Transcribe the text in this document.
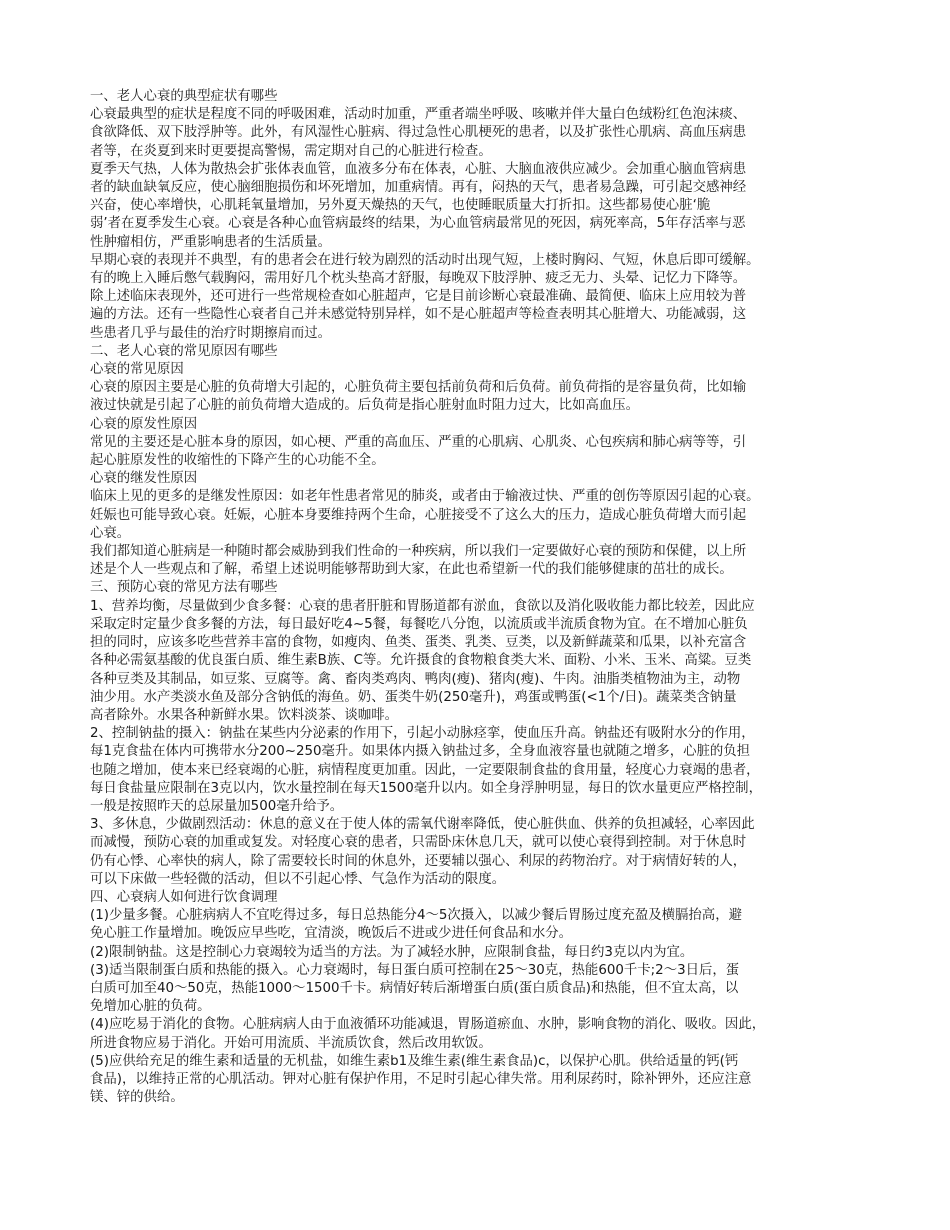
一、老人心衰的典型症状有哪些
心衰最典型的症状是程度不同的呼吸困难，活动时加重，严重者端坐呼吸、咳嗽并伴大量白色绒粉红色泡沫痰、
食欲降低、双下肢浮肿等。此外，有风湿性心脏病、得过急性心肌梗死的患者，以及扩张性心肌病、高血压病患
者等，在炎夏到来时更要提高警惕，需定期对自己的心脏进行检查。
夏季天气热，人体为散热会扩张体表血管，血液多分布在体表，心脏、大脑血液供应减少。会加重心脑血管病患
者的缺血缺氧反应，使心脑细胞损伤和坏死增加，加重病情。再有，闷热的天气，患者易急躁，可引起交感神经
兴奋，使心率增快，心肌耗氧量增加，另外夏天燥热的天气，也使睡眠质量大打折扣。这些都易使心脏‘脆
弱’者在夏季发生心衰。心衰是各种心血管病最终的结果，为心血管病最常见的死因，病死率高，5年存活率与恶
性肿瘤相仿，严重影响患者的生活质量。
早期心衰的表现并不典型，有的患者会在进行较为剧烈的活动时出现气短，上楼时胸闷、气短，休息后即可缓解。
有的晚上入睡后憋气载胸闷，需用好几个枕头垫高才舒服，每晚双下肢浮肿、疲乏无力、头晕、记忆力下降等。
除上述临床表现外，还可进行一些常规检查如心脏超声，它是目前诊断心衰最准确、最简便、临床上应用较为普
遍的方法。还有一些隐性心衰者自己并未感觉特别异样，如不是心脏超声等检查表明其心脏增大、功能减弱，这
些患者几乎与最佳的治疗时期擦肩而过。
二、老人心衰的常见原因有哪些
心衰的常见原因
心衰的原因主要是心脏的负荷增大引起的，心脏负荷主要包括前负荷和后负荷。前负荷指的是容量负荷，比如输
液过快就是引起了心脏的前负荷增大造成的。后负荷是指心脏射血时阻力过大，比如高血压。
心衰的原发性原因
常见的主要还是心脏本身的原因，如心梗、严重的高血压、严重的心肌病、心肌炎、心包疾病和肺心病等等，引
起心脏原发性的收缩性的下降产生的心功能不全。
心衰的继发性原因
临床上见的更多的是继发性原因：如老年性患者常见的肺炎，或者由于输液过快、严重的创伤等原因引起的心衰。
妊娠也可能导致心衰。妊娠，心脏本身要维持两个生命，心脏接受不了这么大的压力，造成心脏负荷增大而引起
心衰。
我们都知道心脏病是一种随时都会威胁到我们性命的一种疾病，所以我们一定要做好心衰的预防和保健，以上所
述是个人一些观点和了解，希望上述说明能够帮助到大家，在此也希望新一代的我们能够健康的茁壮的成长。
三、预防心衰的常见方法有哪些
1、营养均衡，尽量做到少食多餐：心衰的患者肝脏和胃肠道都有淤血，食欲以及消化吸收能力都比较差，因此应
采取定时定量少食多餐的方法，每日最好吃4~5餐，每餐吃八分饱，以流质或半流质食物为宜。在不增加心脏负
担的同时，应该多吃些营养丰富的食物，如瘦肉、鱼类、蛋类、乳类、豆类，以及新鲜蔬菜和瓜果，以补充富含
各种必需氨基酸的优良蛋白质、维生素B族、C等。允许摄食的食物粮食类大米、面粉、小米、玉米、高粱。豆类
各种豆类及其制品，如豆浆、豆腐等。禽、畜肉类鸡肉、鸭肉(瘦)、猪肉(瘦)、牛肉。油脂类植物油为主，动物
油少用。水产类淡水鱼及部分含钠低的海鱼。奶、蛋类牛奶(250毫升)，鸡蛋或鸭蛋(<1个/日)。蔬菜类含钠量
高者除外。水果各种新鲜水果。饮料淡茶、谈咖啡。
2、控制钠盐的摄入：钠盐在某些内分泌素的作用下，引起小动脉痉挛，使血压升高。钠盐还有吸附水分的作用，
每1克食盐在体内可携带水分200~250毫升。如果体内摄入钠盐过多，全身血液容量也就随之增多，心脏的负担
也随之增加，使本来已经衰竭的心脏，病情程度更加重。因此，一定要限制食盐的食用量，轻度心力衰竭的患者，
每日食盐量应限制在3克以内，饮水量控制在每天1500毫升以内。如全身浮肿明显，每日的饮水量更应严格控制，
一般是按照昨天的总尿量加500毫升给予。
3、多休息，少做剧烈活动：休息的意义在于使人体的需氧代谢率降低，使心脏供血、供养的负担减轻，心率因此
而减慢，预防心衰的加重或复发。对轻度心衰的患者，只需卧床休息几天，就可以使心衰得到控制。对于休息时
仍有心悸、心率快的病人，除了需要较长时间的休息外，还要辅以强心、利尿的药物治疗。对于病情好转的人，
可以下床做一些轻微的活动，但以不引起心悸、气急作为活动的限度。
四、心衰病人如何进行饮食调理
(1)少量多餐。心脏病病人不宜吃得过多，每日总热能分4～5次摄入，以减少餐后胃肠过度充盈及横膈抬高，避
免心脏工作量增加。晚饭应早些吃，宜清淡，晚饭后不进或少进任何食品和水分。
(2)限制钠盐。这是控制心力衰竭较为适当的方法。为了减轻水肿，应限制食盐，每日约3克以内为宜。
(3)适当限制蛋白质和热能的摄入。心力衰竭时，每日蛋白质可控制在25～30克，热能600千卡;2～3日后，蛋
白质可加至40～50克，热能1000～1500千卡。病情好转后渐增蛋白质(蛋白质食品)和热能，但不宜太高，以
免增加心脏的负荷。
(4)应吃易于消化的食物。心脏病病人由于血液循环功能减退，胃肠道瘀血、水肿，影响食物的消化、吸收。因此，
所进食物应易于消化。开始可用流质、半流质饮食，然后改用软饭。
(5)应供给充足的维生素和适量的无机盐，如维生素b1及维生素(维生素食品)c，以保护心肌。供给适量的钙(钙
食品)，以维持正常的心肌活动。钾对心脏有保护作用，不足时引起心律失常。用利尿药时，除补钾外，还应注意
镁、锌的供给。
